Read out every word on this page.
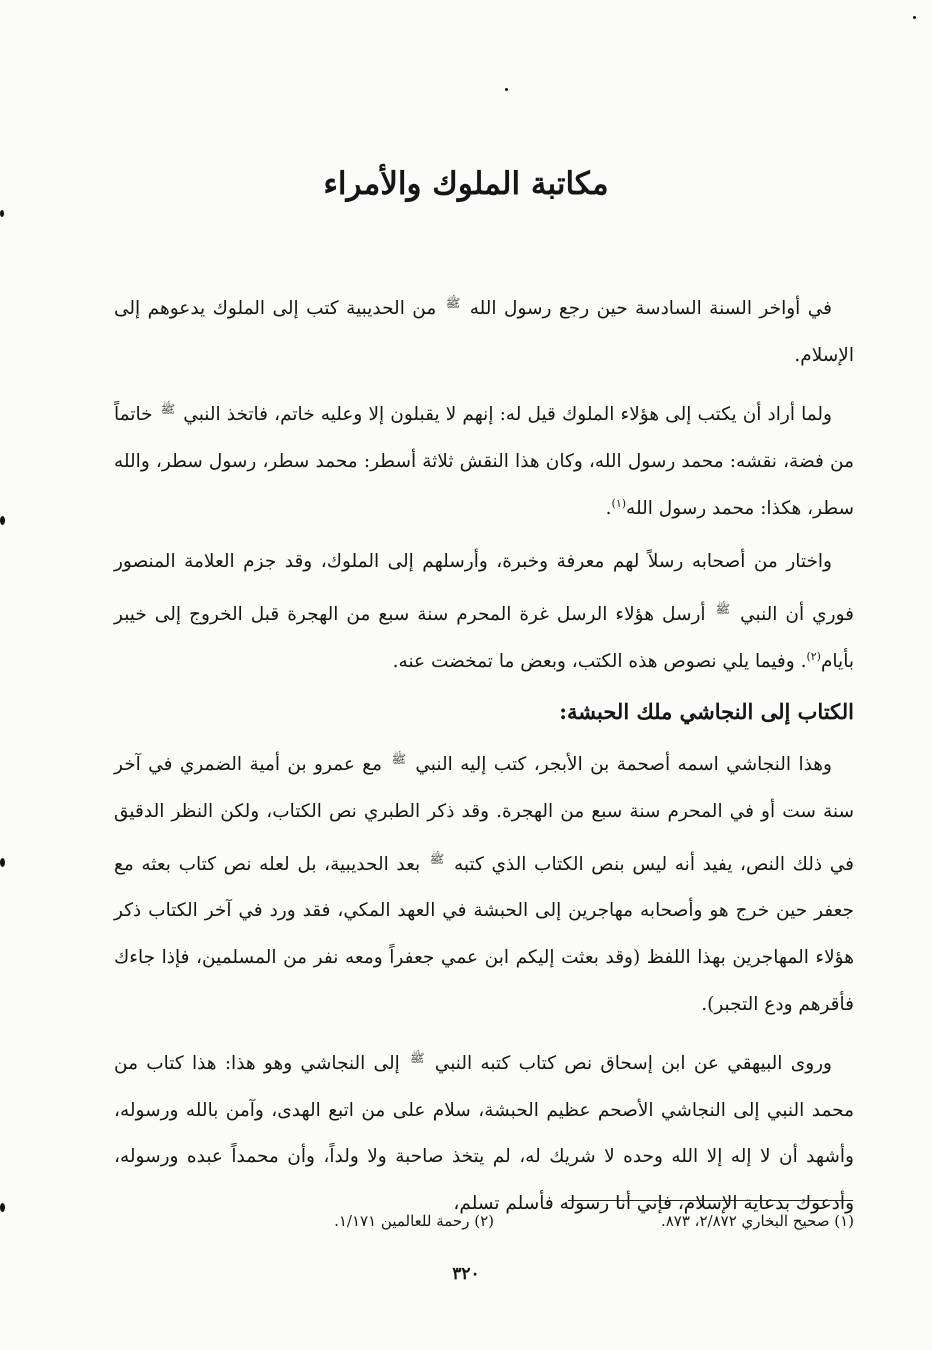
مكاتبة الملوك والأمراء

في أواخر السنة السادسة حين رجع رسول الله $^ﷺ$ من الحديبية كتب إلى الملوك يدعوهم إلى الإسلام.

ولما أراد أن يكتب إلى هؤلاء الملوك قيل له: إنهم لا يقبلون إلا وعليه خاتم، فاتخذ النبي $^ﷺ$ خاتماً من فضة، نقشه: محمد رسول الله، وكان هذا النقش ثلاثة أسطر: محمد سطر، رسول سطر، والله سطر، هكذا: محمد رسول الله$^{(١)}$.

واختار من أصحابه رسلاً لهم معرفة وخبرة، وأرسلهم إلى الملوك، وقد جزم العلامة المنصور فوري أن النبي $^ﷺ$ أرسل هؤلاء الرسل غرة المحرم سنة سبع من الهجرة قبل الخروج إلى خيبر بأيام$^{(٢)}$. وفيما يلي نصوص هذه الكتب، وبعض ما تمخضت عنه.

الكتاب إلى النجاشي ملك الحبشة:

وهذا النجاشي اسمه أصحمة بن الأبجر، كتب إليه النبي $^ﷺ$ مع عمرو بن أمية الضمري في آخر سنة ست أو في المحرم سنة سبع من الهجرة. وقد ذكر الطبري نص الكتاب، ولكن النظر الدقيق في ذلك النص، يفيد أنه ليس بنص الكتاب الذي كتبه $^ﷺ$ بعد الحديبية، بل لعله نص كتاب بعثه مع جعفر حين خرج هو وأصحابه مهاجرين إلى الحبشة في العهد المكي، فقد ورد في آخر الكتاب ذكر هؤلاء المهاجرين بهذا اللفظ (وقد بعثت إليكم ابن عمي جعفراً ومعه نفر من المسلمين، فإذا جاءك فأقرهم ودع التجبر).

وروى البيهقي عن ابن إسحاق نص كتاب كتبه النبي $^ﷺ$ إلى النجاشي وهو هذا: هذا كتاب من محمد النبي إلى النجاشي الأصحم عظيم الحبشة، سلام على من اتبع الهدى، وآمن بالله ورسوله، وأشهد أن لا إله إلا الله وحده لا شريك له، لم يتخذ صاحبة ولا ولداً، وأن محمداً عبده ورسوله، وأدعوك بدعاية الإسلام، فإني أنا رسوله فأسلم تسلم،

(١) صحيح البخاري ٢/٨٧٢، ٨٧٣.
(٢) رحمة للعالمين ١/١٧١.
٣٢٠
